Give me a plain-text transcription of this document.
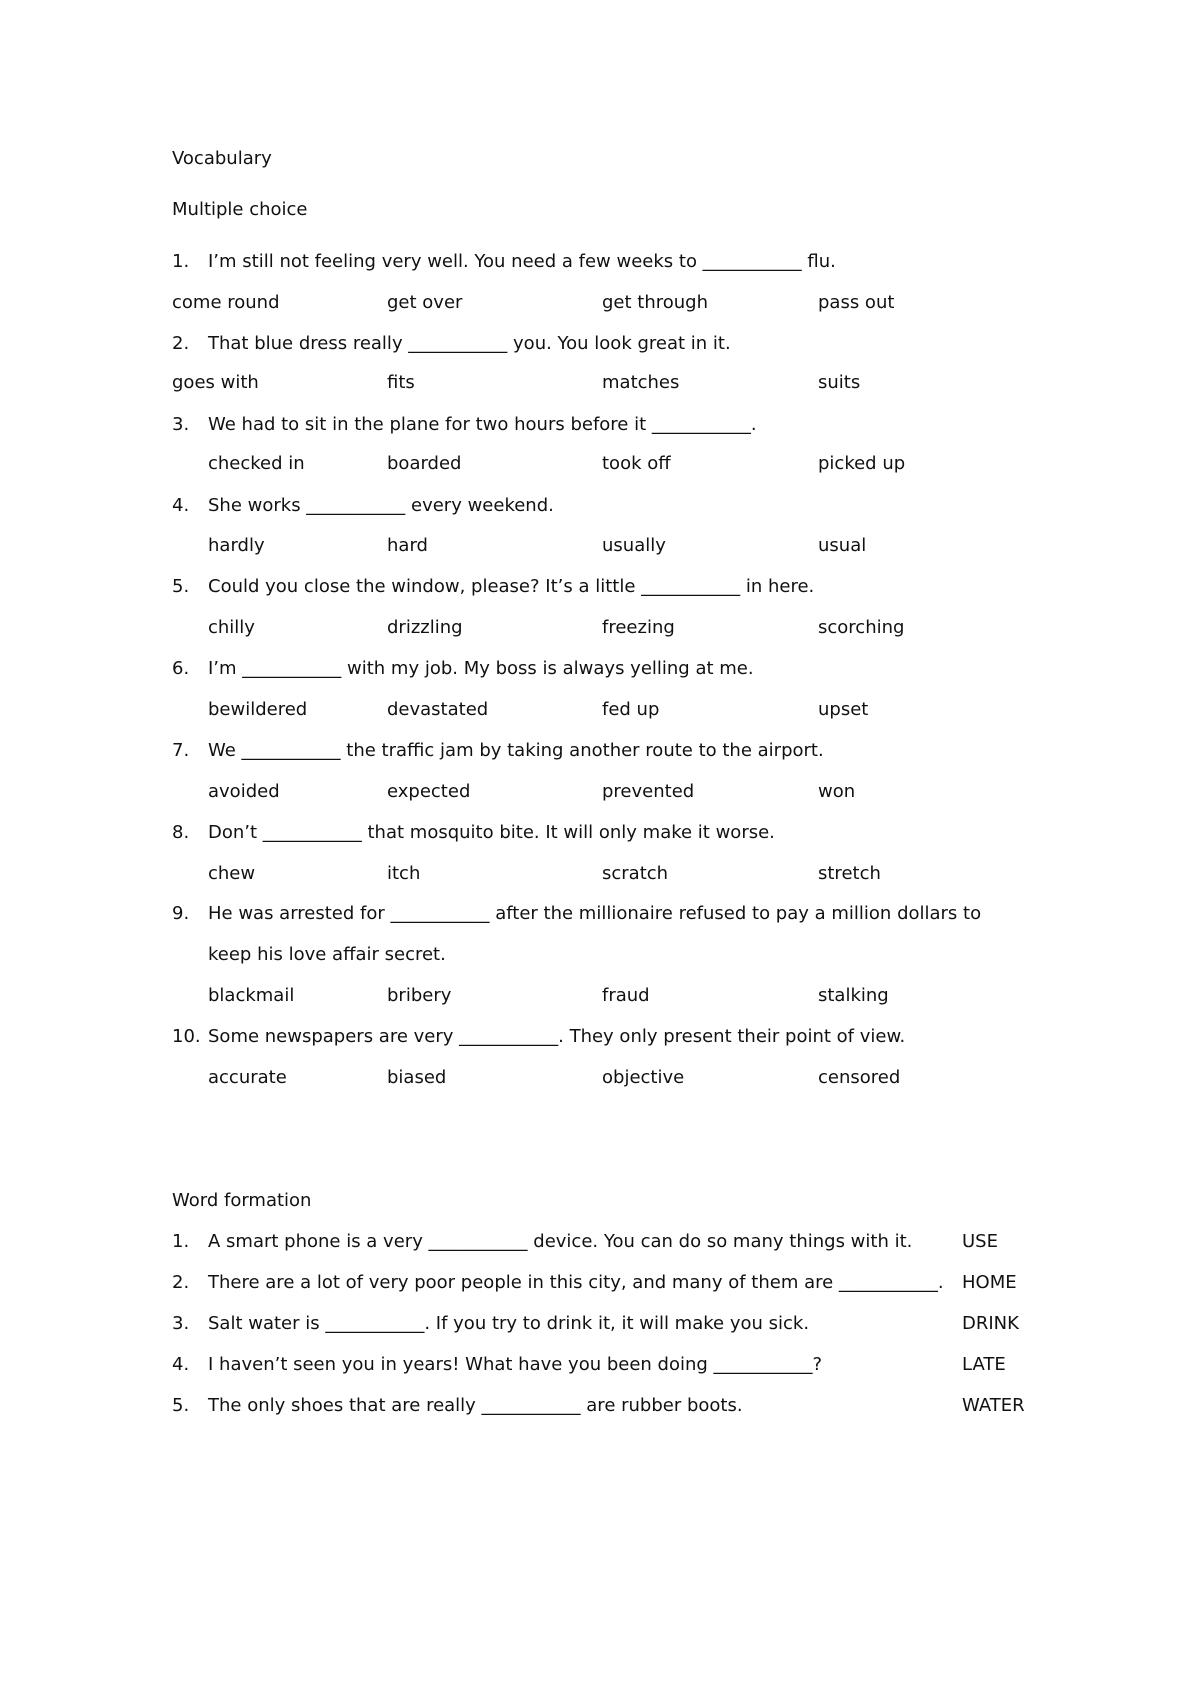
Vocabulary
Multiple choice
1. I’m still not feeling very well. You need a few weeks to ___________ flu.
come round	get over	get through	pass out
2. That blue dress really ___________ you. You look great in it.
goes with	fits	matches	suits
3. We had to sit in the plane for two hours before it ___________.
checked in	boarded	took off	picked up
4. She works ___________ every weekend.
hardly	hard	usually	usual
5. Could you close the window, please? It’s a little ___________ in here.
chilly	drizzling	freezing	scorching
6. I’m ___________ with my job. My boss is always yelling at me.
bewildered	devastated	fed up	upset
7. We ___________ the traffic jam by taking another route to the airport.
avoided	expected	prevented	won
8. Don’t ___________ that mosquito bite. It will only make it worse.
chew	itch	scratch	stretch
9. He was arrested for ___________ after the millionaire refused to pay a million dollars to
keep his love affair secret.
blackmail	bribery	fraud	stalking
10. Some newspapers are very ___________. They only present their point of view.
accurate	biased	objective	censored
Word formation
1. A smart phone is a very ___________ device. You can do so many things with it.	USE
2. There are a lot of very poor people in this city, and many of them are ___________. HOME
3. Salt water is ___________. If you try to drink it, it will make you sick.	DRINK
4. I haven’t seen you in years! What have you been doing ___________?	LATE
5. The only shoes that are really ___________ are rubber boots.	WATER
